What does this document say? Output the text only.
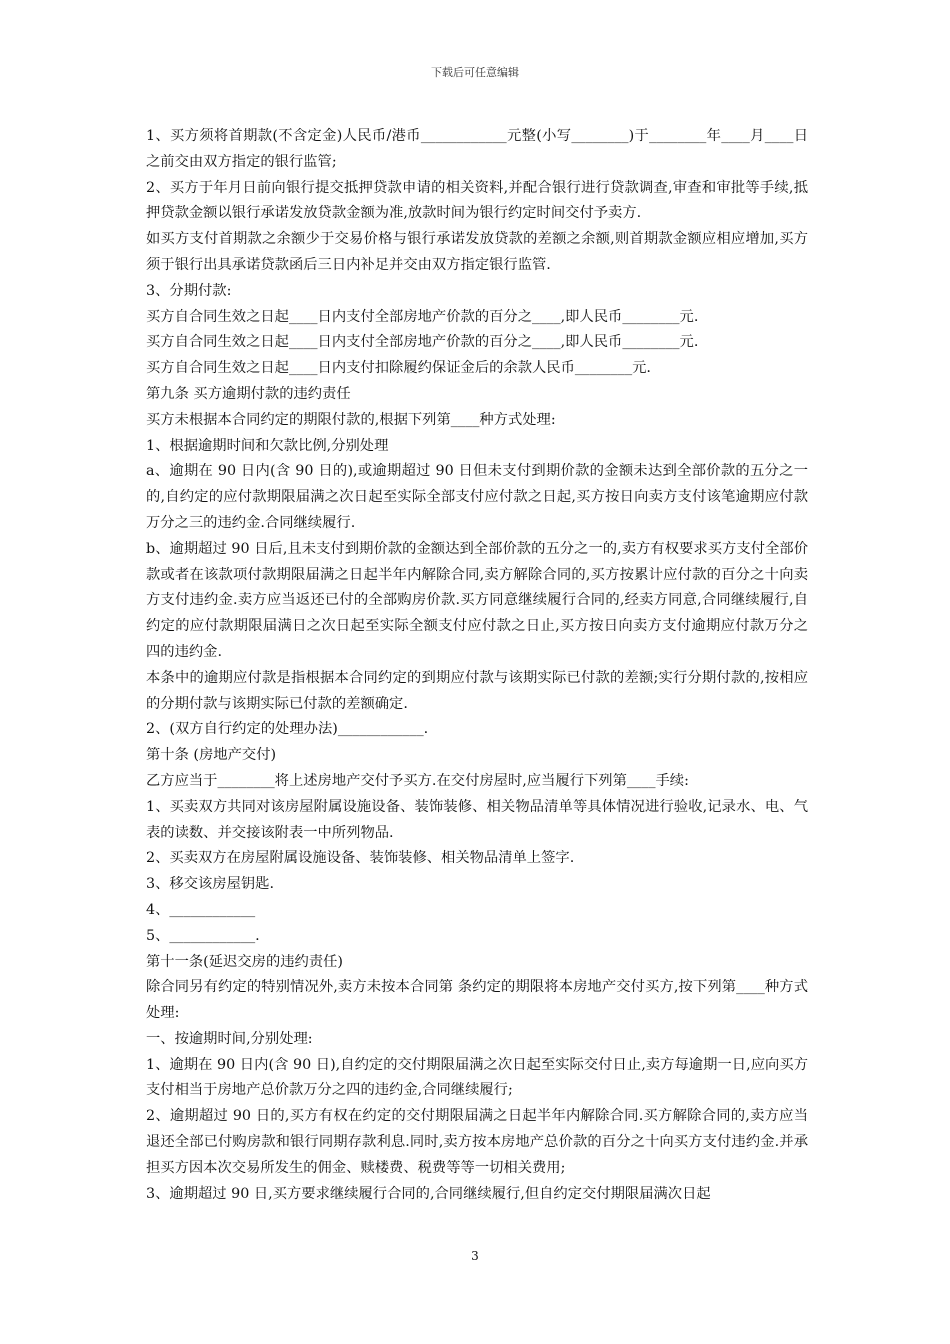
下载后可任意编辑

1、买方须将首期款(不含定金)人民币/港币____________元整(小写________)于________年____月____日之前交由双方指定的银行监管;

2、买方于年月日前向银行提交抵押贷款申请的相关资料,并配合银行进行贷款调查,审查和审批等手续,抵押贷款金额以银行承诺发放贷款金额为准,放款时间为银行约定时间交付予卖方.

如买方支付首期款之余额少于交易价格与银行承诺发放贷款的差额之余额,则首期款金额应相应增加,买方须于银行出具承诺贷款函后三日内补足并交由双方指定银行监管.

3、分期付款:

买方自合同生效之日起____日内支付全部房地产价款的百分之____,即人民币________元.

买方自合同生效之日起____日内支付全部房地产价款的百分之____,即人民币________元.

买方自合同生效之日起____日内支付扣除履约保证金后的余款人民币________元.

第九条 买方逾期付款的违约责任

买方未根据本合同约定的期限付款的,根据下列第____种方式处理:

1、根据逾期时间和欠款比例,分别处理

a、逾期在 90 日内(含 90 日的),或逾期超过 90 日但未支付到期价款的金额未达到全部价款的五分之一的,自约定的应付款期限届满之次日起至实际全部支付应付款之日起,买方按日向卖方支付该笔逾期应付款万分之三的违约金.合同继续履行.

b、逾期超过 90 日后,且未支付到期价款的金额达到全部价款的五分之一的,卖方有权要求买方支付全部价款或者在该款项付款期限届满之日起半年内解除合同,卖方解除合同的,买方按累计应付款的百分之十向卖方支付违约金.卖方应当返还已付的全部购房价款.买方同意继续履行合同的,经卖方同意,合同继续履行,自约定的应付款期限届满日之次日起至实际全额支付应付款之日止,买方按日向卖方支付逾期应付款万分之四的违约金.

本条中的逾期应付款是指根据本合同约定的到期应付款与该期实际已付款的差额;实行分期付款的,按相应的分期付款与该期实际已付款的差额确定.

2、(双方自行约定的处理办法)____________.

第十条 (房地产交付)

乙方应当于________将上述房地产交付予买方.在交付房屋时,应当履行下列第____手续:

1、买卖双方共同对该房屋附属设施设备、装饰装修、相关物品清单等具体情况进行验收,记录水、电、气表的读数、并交接该附表一中所列物品.

2、买卖双方在房屋附属设施设备、装饰装修、相关物品清单上签字.

3、移交该房屋钥匙.

4、____________

5、____________.

第十一条(延迟交房的违约责任)

除合同另有约定的特别情况外,卖方未按本合同第 条约定的期限将本房地产交付买方,按下列第____种方式处理:

一、按逾期时间,分别处理:

1、逾期在 90 日内(含 90 日),自约定的交付期限届满之次日起至实际交付日止,卖方每逾期一日,应向买方支付相当于房地产总价款万分之四的违约金,合同继续履行;

2、逾期超过 90 日的,买方有权在约定的交付期限届满之日起半年内解除合同.买方解除合同的,卖方应当退还全部已付购房款和银行同期存款利息.同时,卖方按本房地产总价款的百分之十向买方支付违约金.并承担买方因本次交易所发生的佣金、赎楼费、税费等等一切相关费用;

3、逾期超过 90 日,买方要求继续履行合同的,合同继续履行,但自约定交付期限届满次日起

3
